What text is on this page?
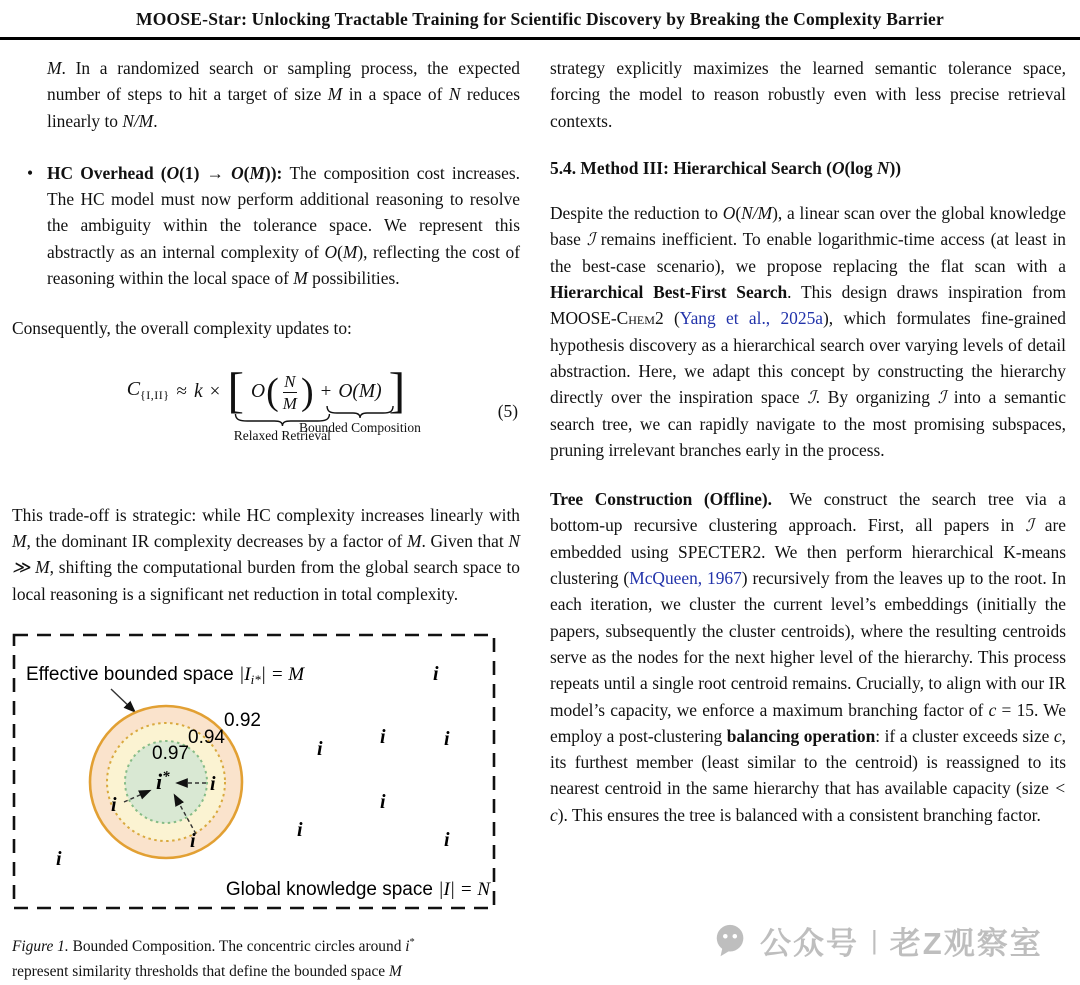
MOOSE-Star: Unlocking Tractable Training for Scientific Discovery by Breaking the Complexity Barrier

M. In a randomized search or sampling process, the expected number of steps to hit a target of size M in a space of N reduces linearly to N/M.

• HC Overhead (O(1) → O(M)): The composition cost increases. The HC model must now perform additional reasoning to resolve the ambiguity within the tolerance space. We represent this abstractly as an internal complexity of O(M), reflecting the cost of reasoning within the local space of M possibilities.

Consequently, the overall complexity updates to:

$C_{\{I,II\}} \approx k$ × [ O ( $\frac{N}{M}$ )
Relaxed Retrieval
+ O(M)
Bounded Composition
]	(5)

This trade-off is strategic: while HC complexity increases linearly with M, the dominant IR complexity decreases by a factor of M. Given that N ≫ M, shifting the computational burden from the global search space to local reasoning is a significant net reduction in total complexity.

Effective bounded space $|I_{i*}| = M$
0.92
0.94
0.97
i*
i
i
i
i
i
i	i
i
i	i
i
Global knowledge space |I| = N

Figure 1. Bounded Composition. The concentric circles around i*
represent similarity thresholds that define the bounded space M

strategy explicitly maximizes the learned semantic tolerance space, forcing the model to reason robustly even with less precise retrieval contexts.

5.4. Method III: Hierarchical Search (O(log N))

Despite the reduction to O(N/M), a linear scan over the global knowledge base ℐ remains inefficient. To enable logarithmic-time access (at least in the best-case scenario), we propose replacing the flat scan with a Hierarchical Best-First Search. This design draws inspiration from MOOSE-Chem2 (Yang et al., 2025a), which formulates fine-grained hypothesis discovery as a hierarchical search over varying levels of detail abstraction. Here, we adapt this concept by constructing the hierarchy directly over the inspiration space ℐ. By organizing ℐ into a semantic search tree, we can rapidly navigate to the most promising subspaces, pruning irrelevant branches early in the process.

Tree Construction (Offline). We construct the search tree via a bottom-up recursive clustering approach. First, all papers in ℐ are embedded using SPECTER2. We then perform hierarchical K-means clustering (McQueen, 1967) recursively from the leaves up to the root. In each iteration, we cluster the current level’s embeddings (initially the papers, subsequently the cluster centroids), where the resulting centroids serve as the nodes for the next higher level of the hierarchy. This process repeats until a single root centroid remains. Crucially, to align with our IR model’s capacity, we enforce a maximum branching factor of c = 15. We employ a post-clustering balancing operation: if a cluster exceeds size c, its furthest member (least similar to the centroid) is reassigned to its nearest centroid in the same hierarchy that has available capacity (size < c). This ensures the tree is balanced with a consistent branching factor.

公众号 | 老Z观察室
